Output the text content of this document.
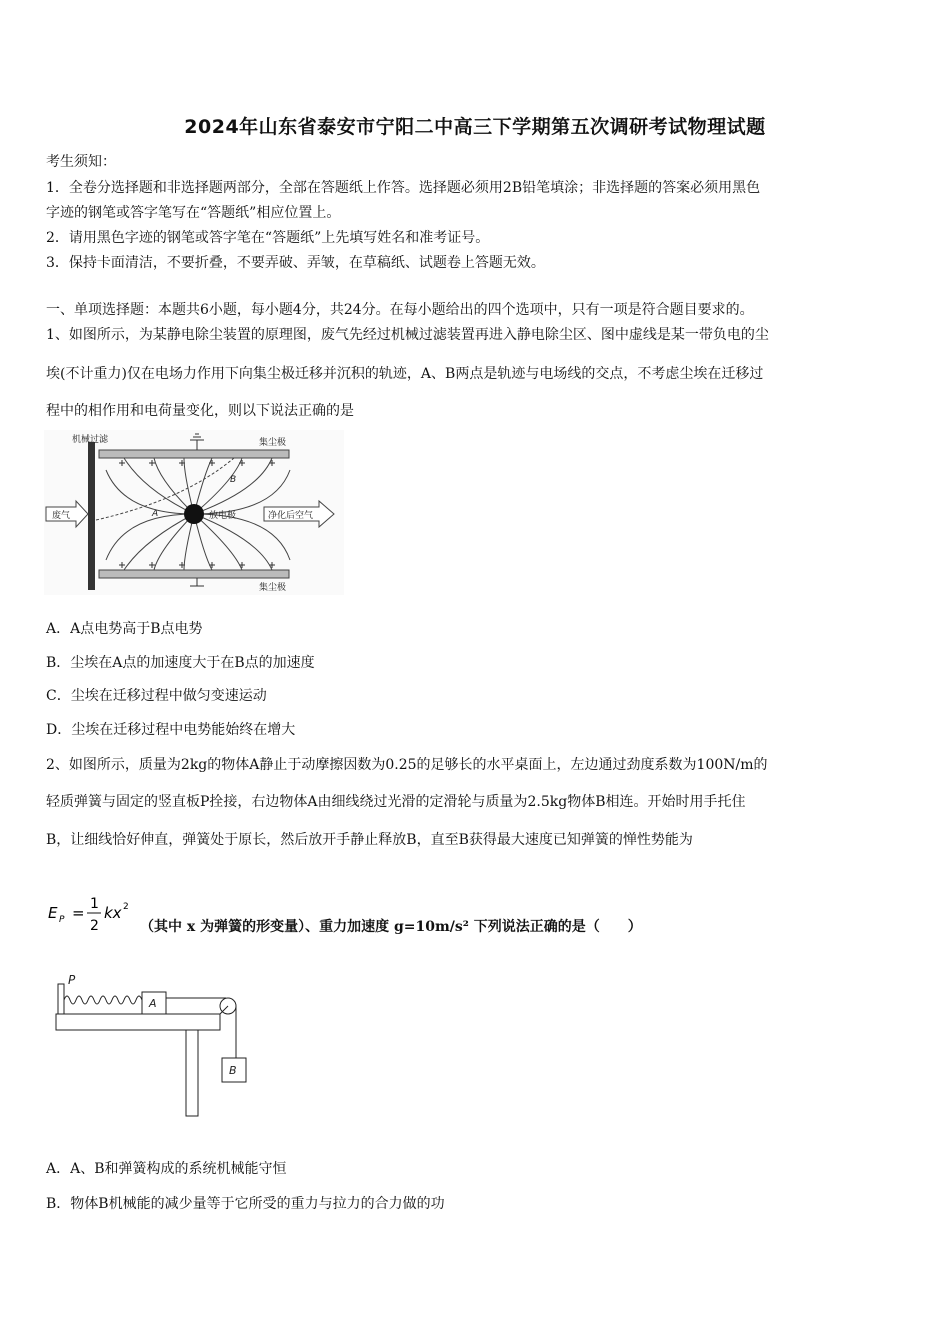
2024年山东省泰安市宁阳二中高三下学期第五次调研考试物理试题
考生须知：
1．全卷分选择题和非选择题两部分，全部在答题纸上作答。选择题必须用2B铅笔填涂；非选择题的答案必须用黑色
字迹的钢笔或答字笔写在“答题纸”相应位置上。
2．请用黑色字迹的钢笔或答字笔在“答题纸”上先填写姓名和准考证号。
3．保持卡面清洁，不要折叠，不要弄破、弄皱，在草稿纸、试题卷上答题无效。
一、单项选择题：本题共6小题，每小题4分，共24分。在每小题给出的四个选项中，只有一项是符合题目要求的。
1、如图所示，为某静电除尘装置的原理图，废气先经过机械过滤装置再进入静电除尘区、图中虚线是某一带负电的尘
埃(不计重力)仅在电场力作用下向集尘极迁移并沉积的轨迹，A、B两点是轨迹与电场线的交点，不考虑尘埃在迁移过
程中的相作用和电荷量变化，则以下说法正确的是
机械过滤	集尘极
集尘极
A
B
放电极
废气	净化后空气
A．A点电势高于B点电势
B．尘埃在A点的加速度大于在B点的加速度
C．尘埃在迁移过程中做匀变速运动
D．尘埃在迁移过程中电势能始终在增大
2、如图所示，质量为2kg的物体A静止于动摩擦因数为0.25的足够长的水平桌面上，左边通过劲度系数为100N/m的
轻质弹簧与固定的竖直板P拴接，右边物体A由细线绕过光滑的定滑轮与质量为2.5kg物体B相连。开始时用手托住
B，让细线恰好伸直，弹簧处于原长，然后放开手静止释放B，直至B获得最大速度已知弹簧的惮性势能为
E P = 1
2
kx 2
（其中 x 为弹簧的形变量）、重力加速度 g=10m/s² 下列说法正确的是（　　）
P
A
B
A．A、B和弹簧构成的系统机械能守恒
B．物体B机械能的减少量等于它所受的重力与拉力的合力做的功
